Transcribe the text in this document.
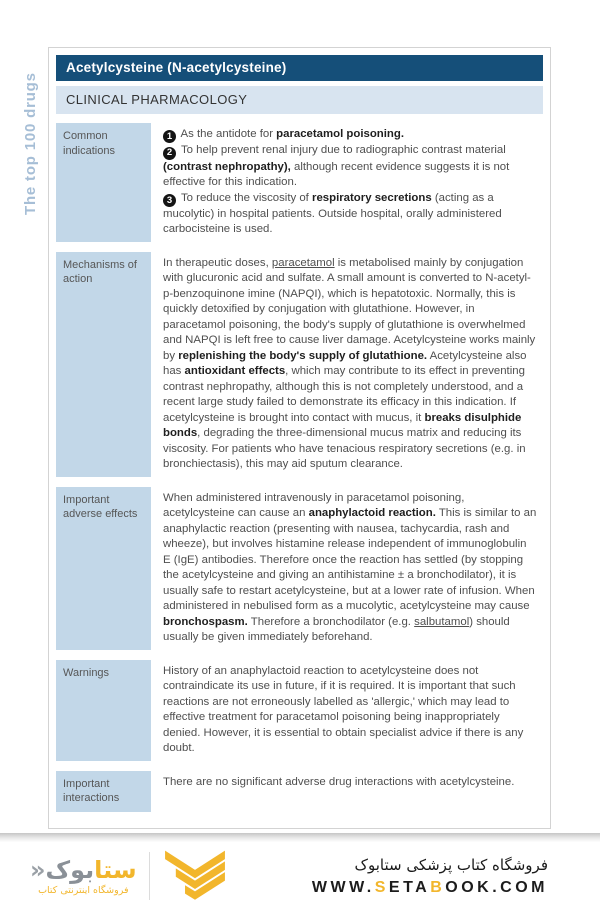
The top 100 drugs
Acetylcysteine (N-acetylcysteine)
CLINICAL PHARMACOLOGY
Common indications
1 As the antidote for paracetamol poisoning.
2 To help prevent renal injury due to radiographic contrast material (contrast nephropathy), although recent evidence suggests it is not effective for this indication.
3 To reduce the viscosity of respiratory secretions (acting as a mucolytic) in hospital patients. Outside hospital, orally administered carbocisteine is used.
Mechanisms of action
In therapeutic doses, paracetamol is metabolised mainly by conjugation with glucuronic acid and sulfate. A small amount is converted to N-acetyl-p-benzoquinone imine (NAPQI), which is hepatotoxic. Normally, this is quickly detoxified by conjugation with glutathione. However, in paracetamol poisoning, the body's supply of glutathione is overwhelmed and NAPQI is left free to cause liver damage. Acetylcysteine works mainly by replenishing the body's supply of glutathione. Acetylcysteine also has antioxidant effects, which may contribute to its effect in preventing contrast nephropathy, although this is not completely understood, and a recent large study failed to demonstrate its efficacy in this indication. If acetylcysteine is brought into contact with mucus, it breaks disulphide bonds, degrading the three-dimensional mucus matrix and reducing its viscosity. For patients who have tenacious respiratory secretions (e.g. in bronchiectasis), this may aid sputum clearance.
Important adverse effects
When administered intravenously in paracetamol poisoning, acetylcysteine can cause an anaphylactoid reaction. This is similar to an anaphylactic reaction (presenting with nausea, tachycardia, rash and wheeze), but involves histamine release independent of immunoglobulin E (IgE) antibodies. Therefore once the reaction has settled (by stopping the acetylcysteine and giving an antihistamine ± a bronchodilator), it is usually safe to restart acetylcysteine, but at a lower rate of infusion. When administered in nebulised form as a mucolytic, acetylcysteine may cause bronchospasm. Therefore a bronchodilator (e.g. salbutamol) should usually be given immediately beforehand.
Warnings	History of an anaphylactoid reaction to acetylcysteine does not contraindicate its use in future, if it is required. It is important that such reactions are not erroneously labelled as 'allergic,' which may lead to effective treatment for paracetamol poisoning being inappropriately denied. However, it is essential to obtain specialist advice if there is any doubt.
Important interactions
There are no significant adverse drug interactions with acetylcysteine.
ستابوک«
فروشگاه اینترنتی کتاب
فروشگاه کتاب پزشکی ستابوک
WWW.SETABOOK.COM
